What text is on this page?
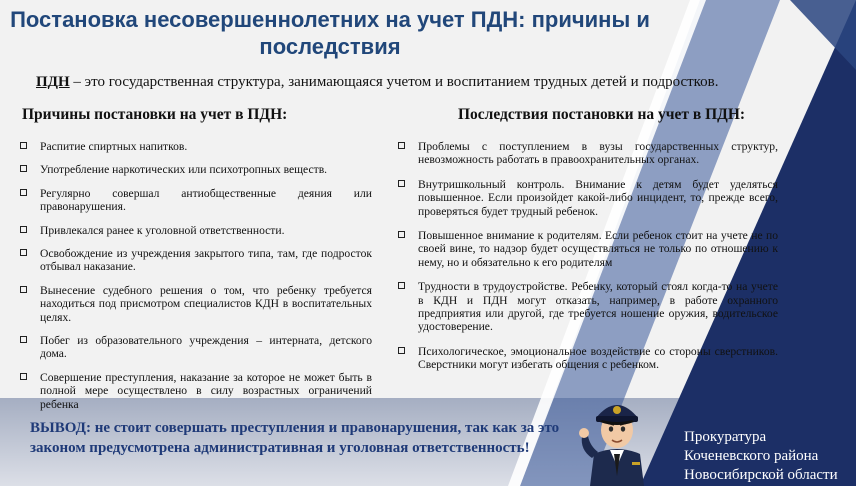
Постановка несовершеннолетних на учет ПДН: причины и последствия
ПДН – это государственная структура, занимающаяся учетом и воспитанием трудных детей и подростков.
Причины постановки на учет в ПДН:	Последствия постановки на учет в ПДН:
Распитие спиртных напитков.
Употребление наркотических или психотропных веществ.
Регулярно совершал антиобщественные деяния или правонарушения.
Привлекался ранее к уголовной ответственности.
Освобождение из учреждения закрытого типа, там, где подросток отбывал наказание.
Вынесение судебного решения о том, что ребенку требуется находиться под присмотром специалистов КДН в воспитательных целях.
Побег из образовательного учреждения – интерната, детского дома.
Совершение преступления, наказание за которое не может быть в полной мере осуществлено в силу возрастных ограничений ребенка
Проблемы с поступлением в вузы государственных структур, невозможность работать в правоохранительных органах.
Внутришкольный контроль. Внимание к детям будет уделяться повышенное. Если произойдет какой-либо инцидент, то, прежде всего, проверяться будет трудный ребенок.
Повышенное внимание к родителям. Если ребенок стоит на учете не по своей вине, то надзор будет осуществляться не только по отношению к нему, но и обязательно к его родителям
Трудности в трудоустройстве. Ребенку, который стоял когда-то на учете в КДН и ПДН могут отказать, например, в работе охранного предприятия или другой, где требуется ношение оружия, водительское удостоверение.
Психологическое, эмоциональное воздействие со стороны сверстников. Сверстники могут избегать общения с ребенком.
ВЫВОД: не стоит совершать преступления и правонарушения, так как за это законом предусмотрена административная и уголовная ответственность!
Прокуратура
Коченевского района
Новосибирской области
